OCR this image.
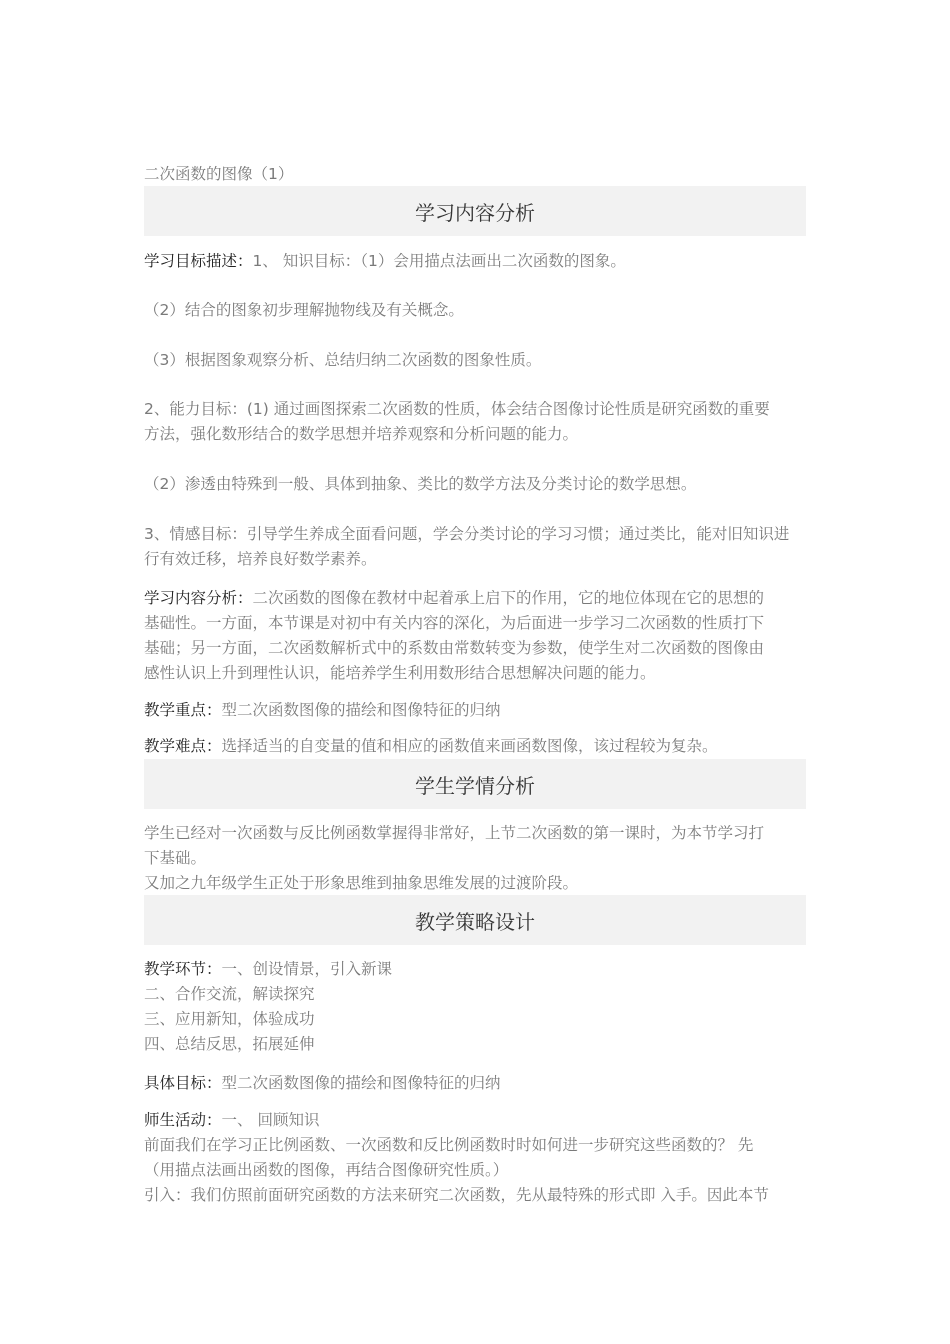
二次函数的图像（1）
学习内容分析
学习目标描述：1、 知识目标：（1）会用描点法画出二次函数的图象。
（2）结合的图象初步理解抛物线及有关概念。
（3）根据图象观察分析、总结归纳二次函数的图象性质。
2、能力目标：(1) 通过画图探索二次函数的性质，体会结合图像讨论性质是研究函数的重要
方法，强化数形结合的数学思想并培养观察和分析问题的能力。
（2）渗透由特殊到一般、具体到抽象、类比的数学方法及分类讨论的数学思想。
3、情感目标：引导学生养成全面看问题，学会分类讨论的学习习惯；通过类比，能对旧知识进
行有效迁移，培养良好数学素养。
学习内容分析：二次函数的图像在教材中起着承上启下的作用，它的地位体现在它的思想的
基础性。一方面，本节课是对初中有关内容的深化，为后面进一步学习二次函数的性质打下
基础；另一方面，二次函数解析式中的系数由常数转变为参数，使学生对二次函数的图像由
感性认识上升到理性认识，能培养学生利用数形结合思想解决问题的能力。
教学重点：型二次函数图像的描绘和图像特征的归纳
教学难点：选择适当的自变量的值和相应的函数值来画函数图像，该过程较为复杂。
学生学情分析
学生已经对一次函数与反比例函数掌握得非常好，上节二次函数的第一课时，为本节学习打
下基础。
又加之九年级学生正处于形象思维到抽象思维发展的过渡阶段。
教学策略设计
教学环节：一、创设情景，引入新课
二、合作交流，解读探究
三、应用新知，体验成功
四、总结反思，拓展延伸
具体目标：型二次函数图像的描绘和图像特征的归纳
师生活动：一、 回顾知识
前面我们在学习正比例函数、一次函数和反比例函数时时如何进一步研究这些函数的？ 先
（用描点法画出函数的图像，再结合图像研究性质。）
引入：我们仿照前面研究函数的方法来研究二次函数，先从最特殊的形式即 入手。因此本节
